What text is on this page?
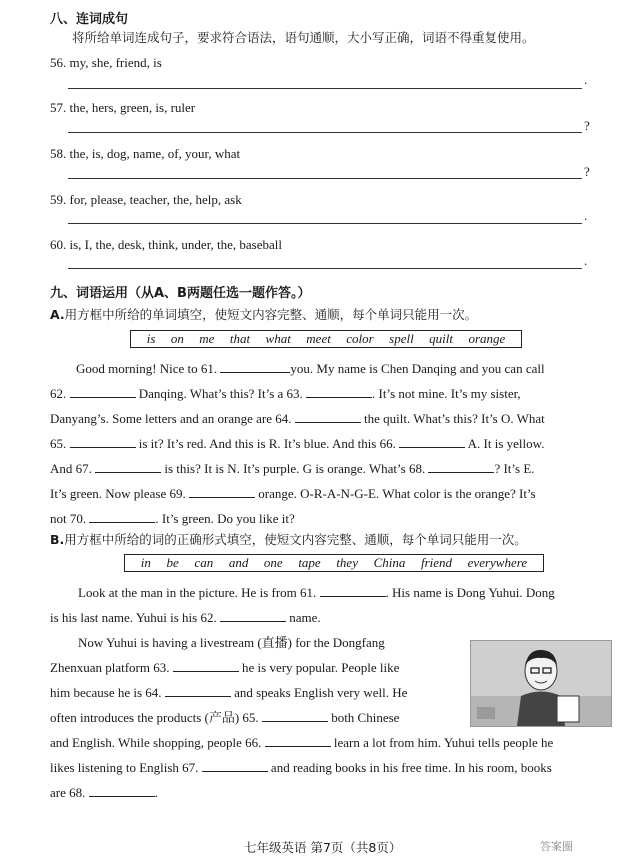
八、连词成句
将所给单词连成句子，要求符合语法，语句通顺，大小写正确，词语不得重复使用。
56. my, she, friend, is
.
57. the, hers, green, is, ruler
?
58. the, is, dog, name, of, your, what
?
59. for, please, teacher, the, help, ask
.
60. is, I, the, desk, think, under, the, baseball
.
九、词语运用（从A、B两题任选一题作答。）
A.用方框中所给的单词填空，使短文内容完整、通顺，每个单词只能用一次。
is on me that what meet color spell quilt orange

Good morning! Nice to 61.	you. My name is Chen Danqing and you can call

62.	Danqing. What’s this? It’s a 63.	. It’s not mine. It’s my sister,

Danyang’s. Some letters and an orange are 64.	the quilt. What’s this? It’s O. What

65.	is it? It’s red. And this is R. It’s blue. And this 66.	A. It is yellow.

And 67.	is this? It is N. It’s purple. G is orange. What’s 68.	? It’s E.

It’s green. Now please 69.	orange. O-R-A-N-G-E. What color is the orange? It’s

not 70.	. It’s green. Do you like it?

B.用方框中所给的词的正确形式填空，使短文内容完整、通顺，每个单词只能用一次。
in be can and one tape they China friend everywhere

Look at the man in the picture. He is from 61.	. His name is Dong Yuhui. Dong

is his last name. Yuhui is his 62.	name.

Now Yuhui is having a livestream (直播) for the Dongfang

Zhenxuan platform 63.	he is very popular. People like

him because he is 64.	and speaks English very well. He

often introduces the products (产品) 65.	both Chinese

and English. While shopping, people 66.	learn a lot from him. Yuhui tells people he

likes listening to English 67.	and reading books in his free time. In his room, books

are 68.	.

七年级英语 第7页（共8页）	答案圈
